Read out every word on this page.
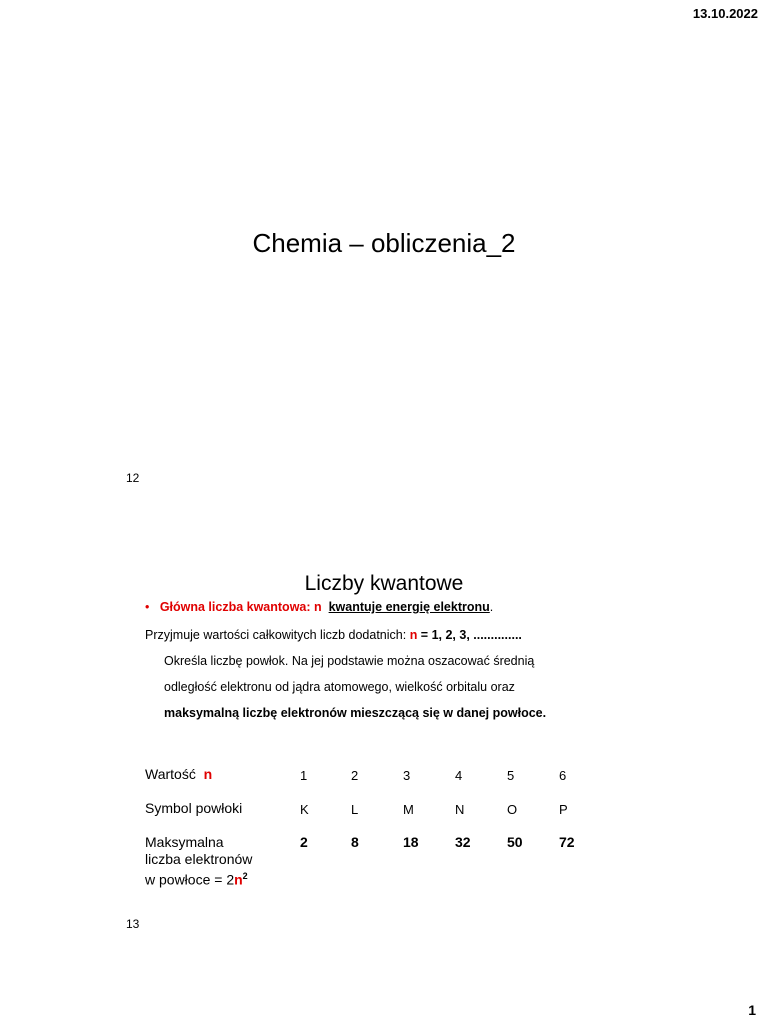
13.10.2022
Chemia – obliczenia_2
12
Liczby kwantowe
• Główna liczba kwantowa: n kwantuje energię elektronu.
Przyjmuje wartości całkowitych liczb dodatnich: n = 1, 2, 3, ..............
Określa liczbę powłok. Na jej podstawie można oszacować średnią
odległość elektronu od jądra atomowego, wielkość orbitalu oraz
maksymalną liczbę elektronów mieszczącą się w danej powłoce.
Wartość n	1	2	3	4	5	6
Symbol powłoki	K	L	M	N	O	P
Maksymalna
liczba elektronów
w powłoce = $2n^2$
2	8	18	32	50	72
13
1
